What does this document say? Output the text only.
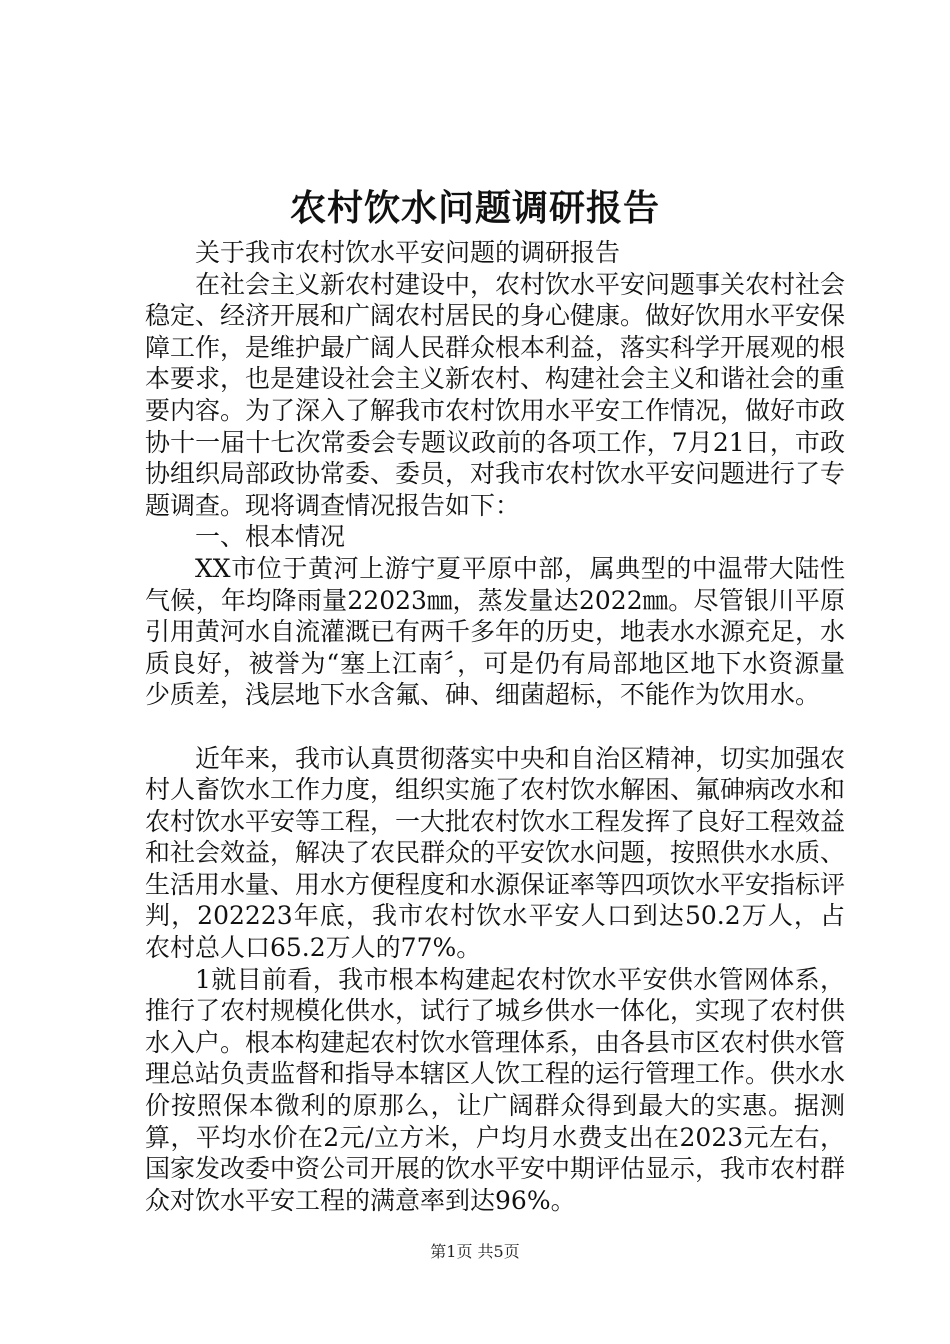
农村饮水问题调研报告

关于我市农村饮水平安问题的调研报告

在社会主义新农村建设中，农村饮水平安问题事关农村社会稳定、经济开展和广阔农村居民的身心健康。做好饮用水平安保障工作，是维护最广阔人民群众根本利益，落实科学开展观的根本要求，也是建设社会主义新农村、构建社会主义和谐社会的重要内容。为了深入了解我市农村饮用水平安工作情况，做好市政协十一届十七次常委会专题议政前的各项工作，7月21日，市政协组织局部政协常委、委员，对我市农村饮水平安问题进行了专题调查。现将调查情况报告如下：

一、根本情况

XX市位于黄河上游宁夏平原中部，属典型的中温带大陆性气候，年均降雨量22023㎜，蒸发量达2022㎜。尽管银川平原引用黄河水自流灌溉已有两千多年的历史，地表水水源充足，水质良好，被誉为“塞上江南〞，可是仍有局部地区地下水资源量少质差，浅层地下水含氟、砷、细菌超标，不能作为饮用水。

近年来，我市认真贯彻落实中央和自治区精神，切实加强农村人畜饮水工作力度，组织实施了农村饮水解困、氟砷病改水和农村饮水平安等工程，一大批农村饮水工程发挥了良好工程效益和社会效益，解决了农民群众的平安饮水问题，按照供水水质、生活用水量、用水方便程度和水源保证率等四项饮水平安指标评判，202223年底，我市农村饮水平安人口到达50.2万人，占农村总人口65.2万人的77%。

1就目前看，我市根本构建起农村饮水平安供水管网体系，推行了农村规模化供水，试行了城乡供水一体化，实现了农村供水入户。根本构建起农村饮水管理体系，由各县市区农村供水管理总站负责监督和指导本辖区人饮工程的运行管理工作。供水水价按照保本微利的原那么，让广阔群众得到最大的实惠。据测算，平均水价在2元/立方米，户均月水费支出在2023元左右，国家发改委中资公司开展的饮水平安中期评估显示，我市农村群众对饮水平安工程的满意率到达96%。

第1页 共5页
